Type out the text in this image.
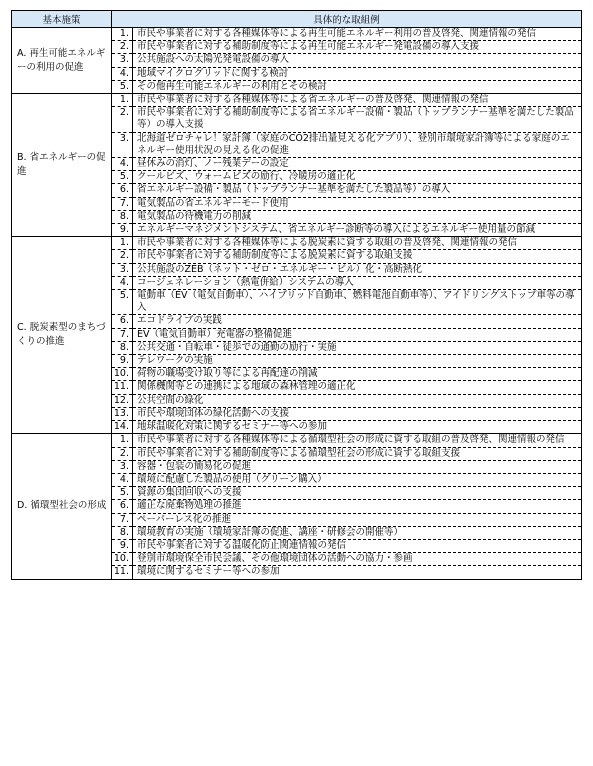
基本施策	具体的な取組例
A. 再生可能エネルギーの利用の促進	
1.	市民や事業者に対する各種媒体等による再生可能エネルギー利用の普及啓発、関連情報の発信
2.	市民や事業者に対する補助制度等による再生可能エネルギー発電設備の導入支援
3.	公共施設への太陽光発電設備の導入
4.	地域マイクログリッドに関する検討
5.	その他再生可能エネルギーの利用とその検討

B. 省エネルギーの促進	
1.	市民や事業者に対する各種媒体等による省エネルギーの普及啓発、関連情報の発信
2.	市民や事業者に対する補助制度等による省エネルギー設備・製品（トップランナー基準を満たした製品等）の導入支援
3.	北海道ゼロチャレ！家計簿（家庭のCO2排出量見える化アプリ）、登別市環境家計簿等による家庭のエネルギー使用状況の見える化の促進
4.	昼休みの消灯、ノー残業デーの設定
5.	クールビズ、ウォームビズの励行、冷暖房の適正化
6.	省エネルギー設備・製品（トップランナー基準を満たした製品等）の導入
7.	電気製品の省エネルギーモード使用
8.	電気製品の待機電力の削減
9.	エネルギーマネジメントシステム、省エネルギー診断等の導入によるエネルギー使用量の節減

C. 脱炭素型のまちづくりの推進	
1.	市民や事業者に対する各種媒体等による脱炭素に資する取組の普及啓発、関連情報の発信
2.	市民や事業者に対する補助制度等による脱炭素に資する取組支援
3.	公共施設のZEB（ネット・ゼロ・エネルギー・ビル）化・高断熱化
4.	コージェネレーション（熱電併給）システムの導入
5.	電動車（EV（電気自動車）、ハイブリッド自動車、燃料電池自動車等）、アイドリングストップ車等の導入
6.	エコドライブの実践
7.	EV（電気自動車）充電器の整備促進
8.	公共交通・自転車・徒歩での通勤の励行・実施
9.	テレワークの実施
10.	荷物の職場受け取り等による再配達の削減
11.	関係機関等との連携による地域の森林管理の適正化
12.	公共空間の緑化
13.	市民や環境団体の緑化活動への支援
14.	地球温暖化対策に関するセミナー等への参加

D. 循環型社会の形成	
1.	市民や事業者に対する各種媒体等による循環型社会の形成に資する取組の普及啓発、関連情報の発信
2.	市民や事業者に対する補助制度等による循環型社会の形成に資する取組支援
3.	容器・包装の簡易化の促進
4.	環境に配慮した製品の使用（グリーン購入）
5.	資源の集団回収への支援
6.	適正な廃棄物処理の推進
7.	ペーパーレス化の推進
8.	環境教育の実施（環境家計簿の促進、講座・研修会の開催等）
9.	市民や事業者に対する温暖化防止関連情報の発信
10.	登別市環境保全市民会議、その他環境団体の活動への協力・参画
11.	環境に関するセミナー等への参加
